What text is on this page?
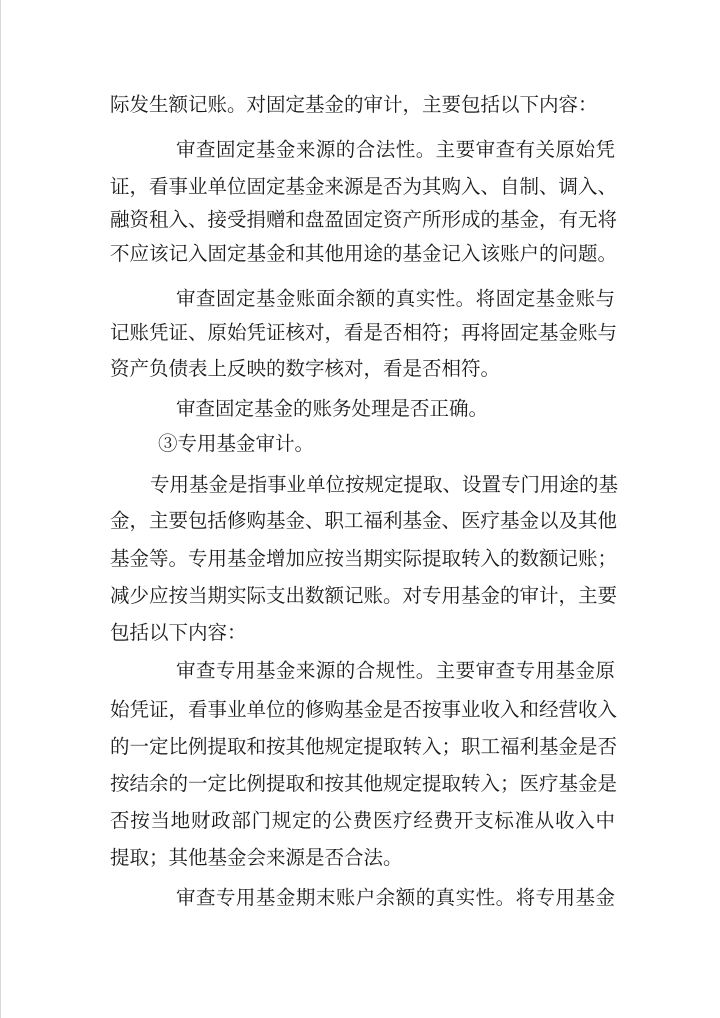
际发生额记账。对固定基金的审计，主要包括以下内容：

审查固定基金来源的合法性。主要审查有关原始凭

证，看事业单位固定基金来源是否为其购入、自制、调入、

融资租入、接受捐赠和盘盈固定资产所形成的基金，有无将

不应该记入固定基金和其他用途的基金记入该账户的问题。

审查固定基金账面余额的真实性。将固定基金账与

记账凭证、原始凭证核对，看是否相符；再将固定基金账与

资产负债表上反映的数字核对，看是否相符。

审查固定基金的账务处理是否正确。

③专用基金审计。

专用基金是指事业单位按规定提取、设置专门用途的基

金，主要包括修购基金、职工福利基金、医疗基金以及其他

基金等。专用基金增加应按当期实际提取转入的数额记账；

减少应按当期实际支出数额记账。对专用基金的审计，主要

包括以下内容：

审查专用基金来源的合规性。主要审查专用基金原

始凭证，看事业单位的修购基金是否按事业收入和经营收入

的一定比例提取和按其他规定提取转入；职工福利基金是否

按结余的一定比例提取和按其他规定提取转入；医疗基金是

否按当地财政部门规定的公费医疗经费开支标准从收入中

提取；其他基金会来源是否合法。

审查专用基金期末账户余额的真实性。将专用基金
